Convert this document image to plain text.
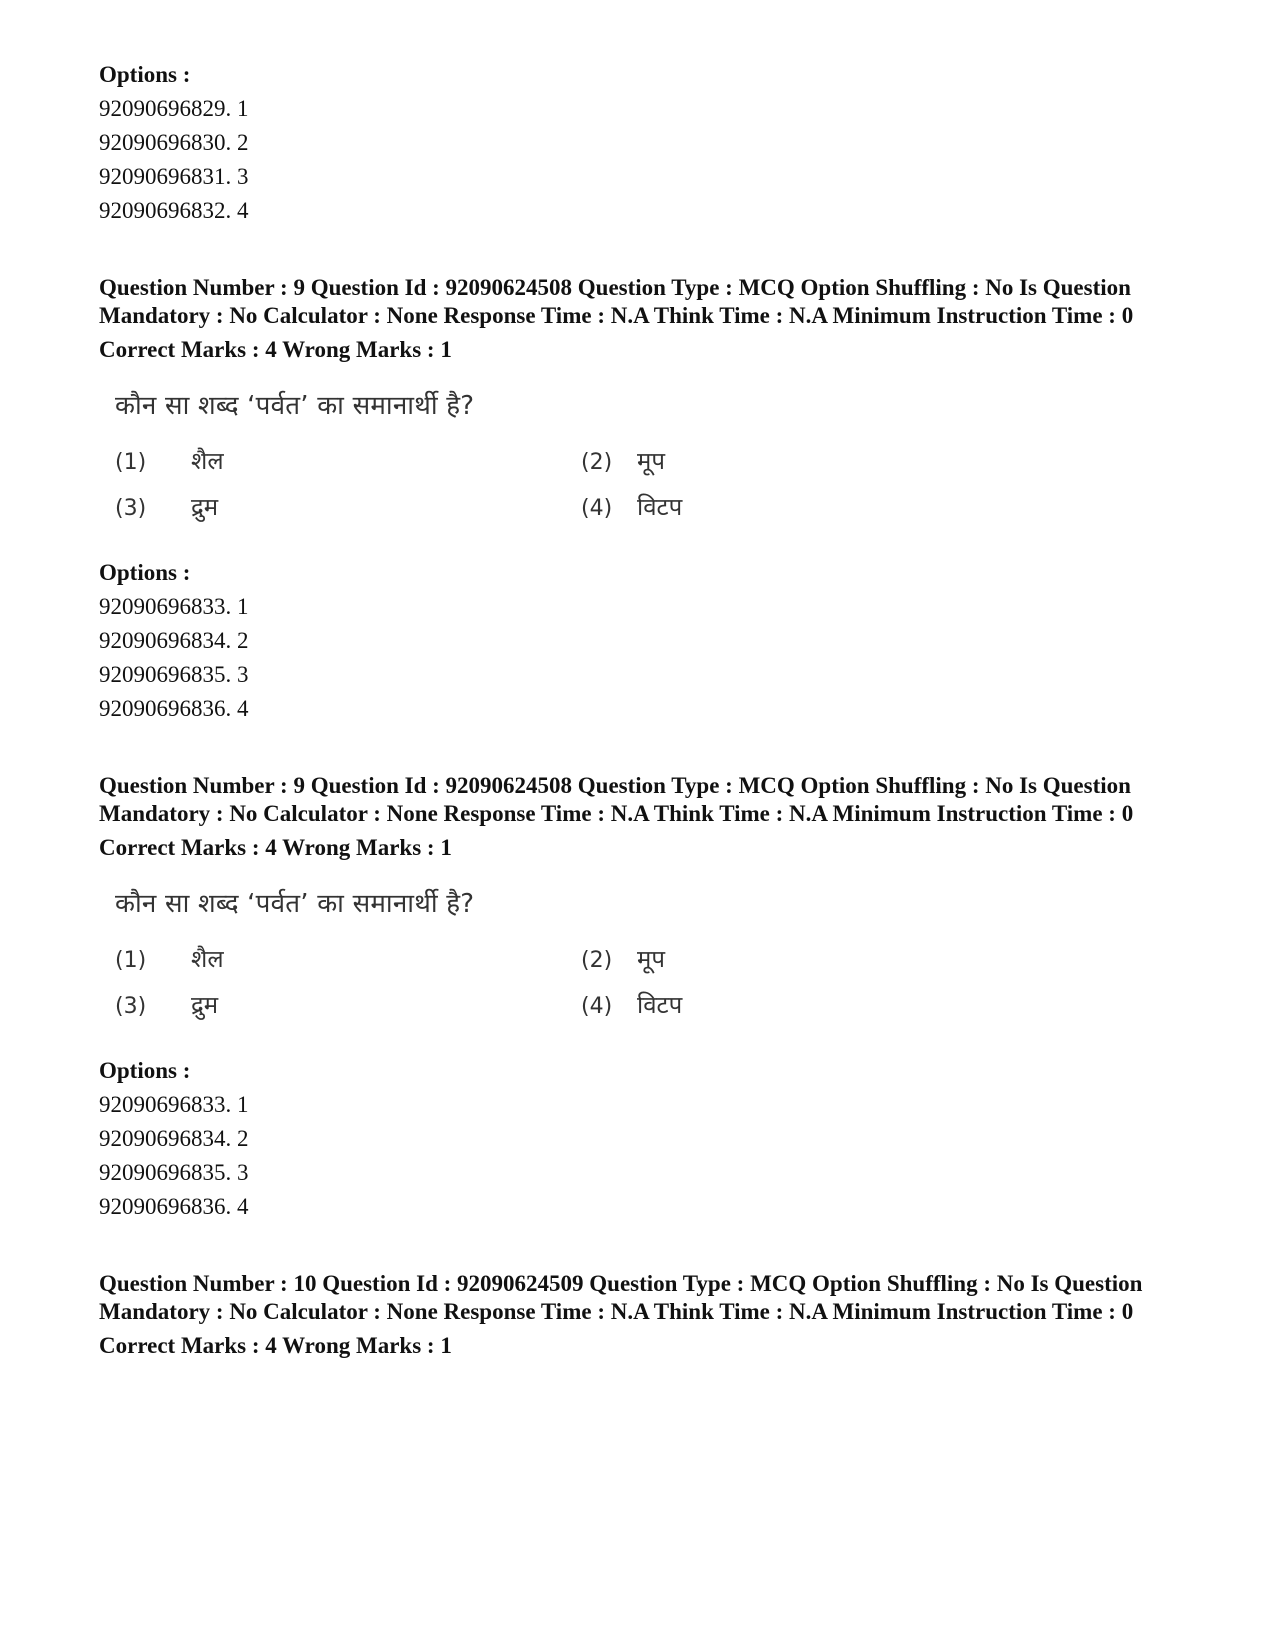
Options :

92090696829. 1

92090696830. 2

92090696831. 3

92090696832. 4

Question Number : 9 Question Id : 92090624508 Question Type : MCQ Option Shuffling : No Is Question Mandatory : No Calculator : None Response Time : N.A Think Time : N.A Minimum Instruction Time : 0

Correct Marks : 4 Wrong Marks : 1

कौन सा शब्द ‘पर्वत’ का समानार्थी है?
(1) शैल	(2) मूप
(3) द्रुम	(4) विटप

Options :

92090696833. 1

92090696834. 2

92090696835. 3

92090696836. 4

Question Number : 9 Question Id : 92090624508 Question Type : MCQ Option Shuffling : No Is Question Mandatory : No Calculator : None Response Time : N.A Think Time : N.A Minimum Instruction Time : 0

Correct Marks : 4 Wrong Marks : 1

कौन सा शब्द ‘पर्वत’ का समानार्थी है?
(1) शैल	(2) मूप
(3) द्रुम	(4) विटप

Options :

92090696833. 1

92090696834. 2

92090696835. 3

92090696836. 4

Question Number : 10 Question Id : 92090624509 Question Type : MCQ Option Shuffling : No Is Question Mandatory : No Calculator : None Response Time : N.A Think Time : N.A Minimum Instruction Time : 0

Correct Marks : 4 Wrong Marks : 1
